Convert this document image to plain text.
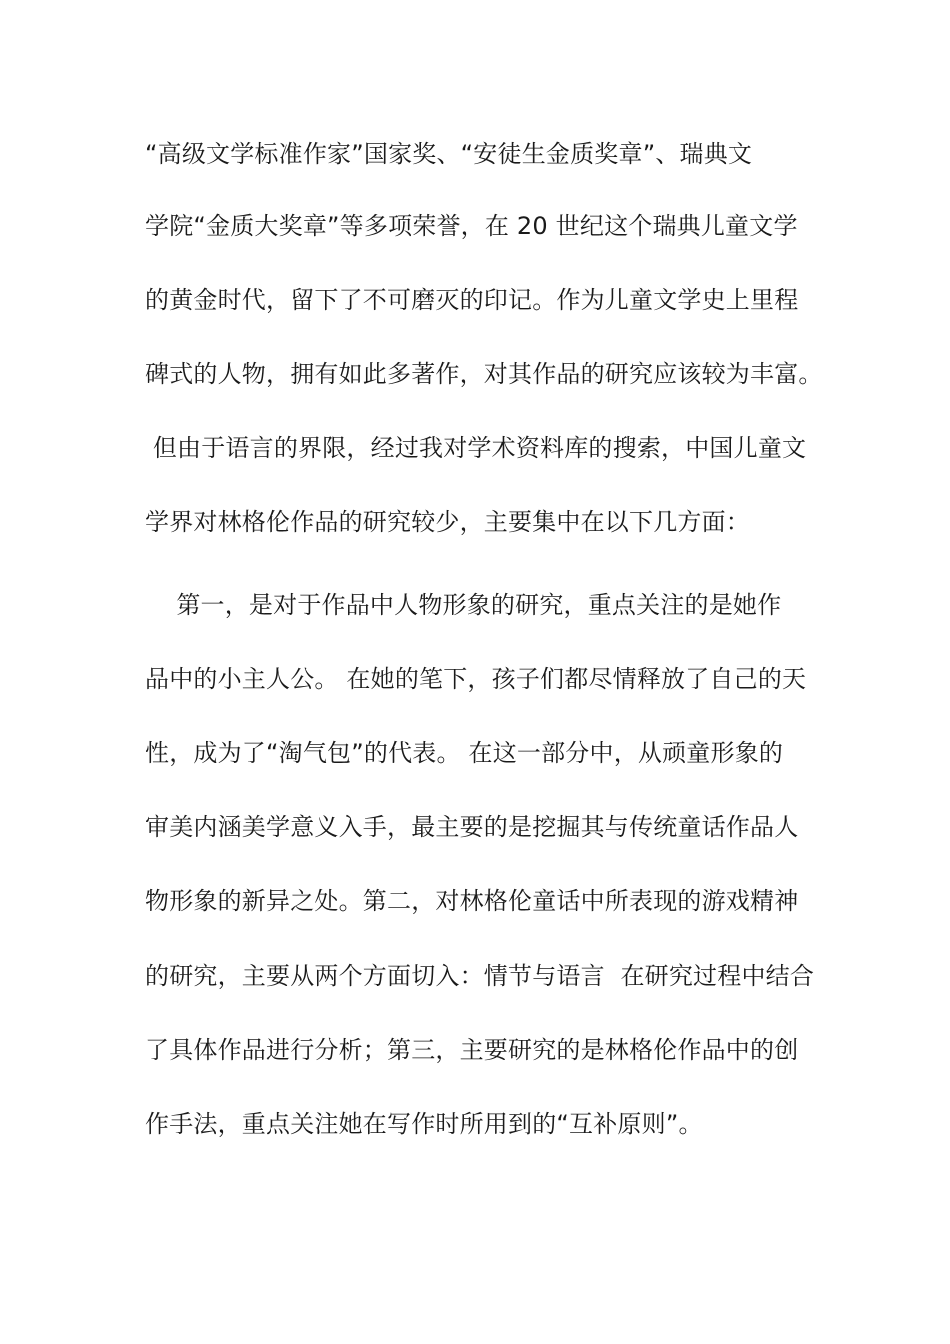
“高级文学标准作家”国家奖、“安徒生金质奖章”、瑞典文
学院“金质大奖章”等多项荣誉，在 20 世纪这个瑞典儿童文学
的黄金时代，留下了不可磨灭的印记。作为儿童文学史上里程
碑式的人物，拥有如此多著作，对其作品的研究应该较为丰富。
但由于语言的界限，经过我对学术资料库的搜索，中国儿童文
学界对林格伦作品的研究较少，主要集中在以下几方面：
第一，是对于作品中人物形象的研究，重点关注的是她作
品中的小主人公。 在她的笔下，孩子们都尽情释放了自己的天
性，成为了“淘气包”的代表。 在这一部分中，从顽童形象的
审美内涵美学意义入手，最主要的是挖掘其与传统童话作品人
物形象的新异之处。第二，对林格伦童话中所表现的游戏精神
的研究，主要从两个方面切入：情节与语言  在研究过程中结合
了具体作品进行分析；第三，主要研究的是林格伦作品中的创
作手法，重点关注她在写作时所用到的“互补原则”。
